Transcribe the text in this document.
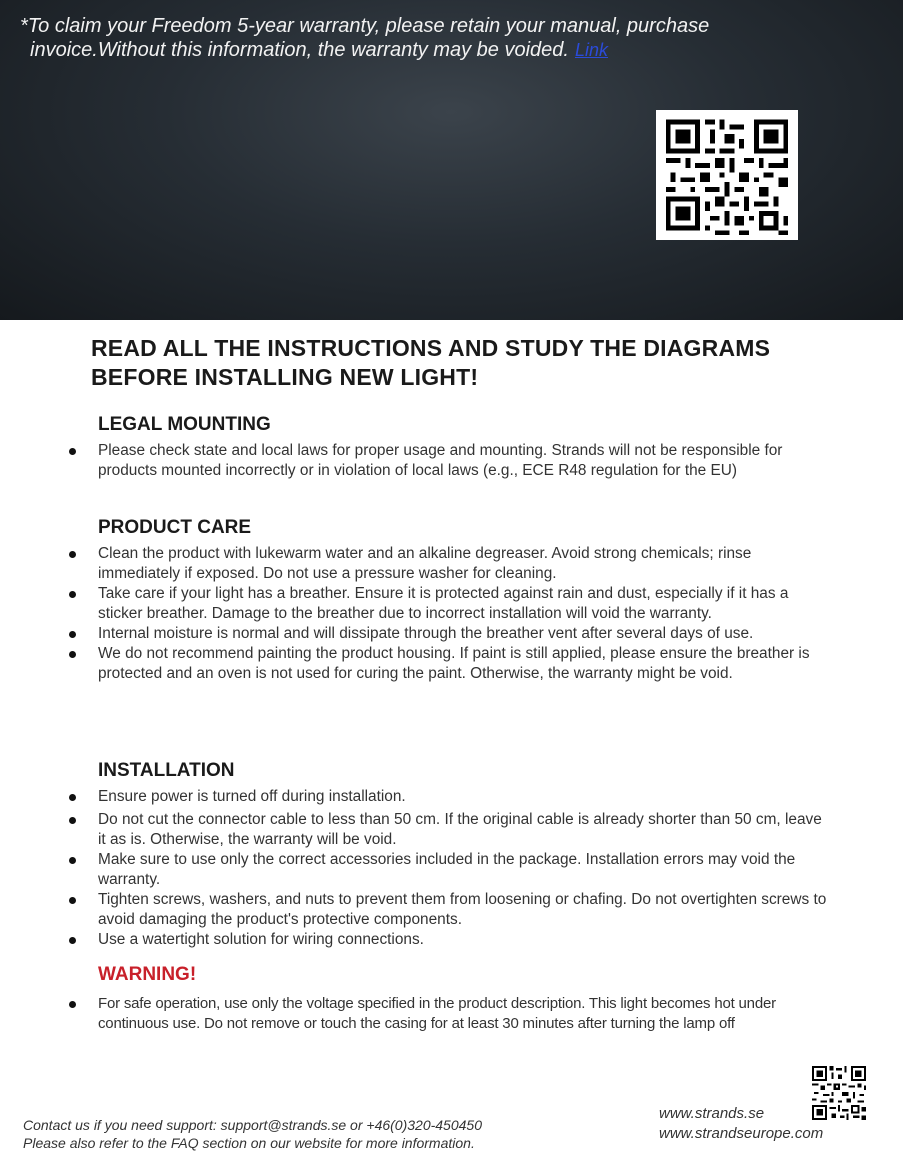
*To claim your Freedom 5-year warranty, please retain your manual, purchase
invoice.Without this information, the warranty may be voided. Link

READ ALL THE INSTRUCTIONS AND STUDY THE DIAGRAMS
BEFORE INSTALLING NEW LIGHT!
LEGAL MOUNTING
Please check state and local laws for proper usage and mounting. Strands will not be responsible for products mounted incorrectly or in violation of local laws (e.g., ECE R48 regulation for the EU)
PRODUCT CARE
Clean the product with lukewarm water and an alkaline degreaser. Avoid strong chemicals; rinse immediately if exposed. Do not use a pressure washer for cleaning.
Take care if your light has a breather. Ensure it is protected against rain and dust, especially if it has a sticker breather. Damage to the breather due to incorrect installation will void the warranty.
Internal moisture is normal and will dissipate through the breather vent after several days of use.
We do not recommend painting the product housing. If paint is still applied, please ensure the breather is protected and an oven is not used for curing the paint. Otherwise, the warranty might be void.
INSTALLATION
Ensure power is turned off during installation.
Do not cut the connector cable to less than 50 cm. If the original cable is already shorter than 50 cm, leave it as is. Otherwise, the warranty will be void.
Make sure to use only the correct accessories included in the package. Installation errors may void the warranty.
Tighten screws, washers, and nuts to prevent them from loosening or chafing. Do not overtighten screws to avoid damaging the product's protective components.
Use a watertight solution for wiring connections.
WARNING!
For safe operation, use only the voltage specified in the product description. This light becomes hot under continuous use. Do not remove or touch the casing for at least 30 minutes after turning the lamp off

Contact us if you need support: support@strands.se or +46(0)320-450450
Please also refer to the FAQ section on our website for more information.

www.strands.se
www.strandseurope.com
